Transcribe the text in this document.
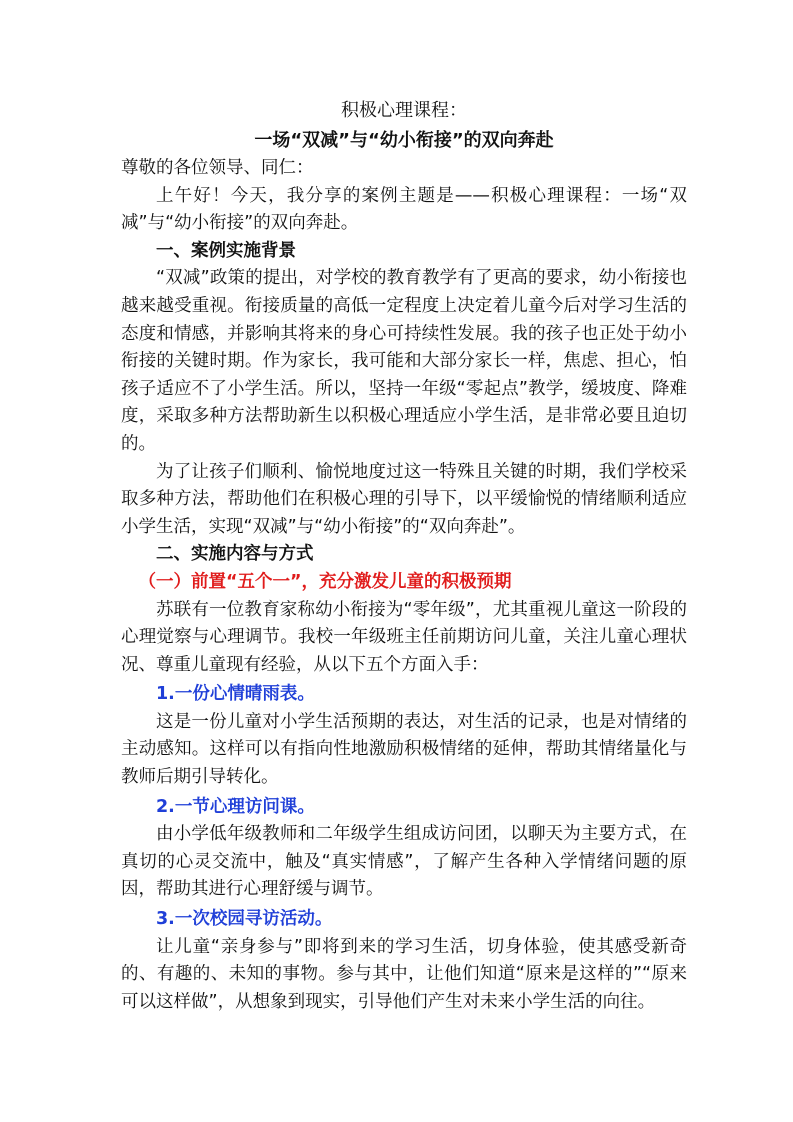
积极心理课程：

一场“双减”与“幼小衔接”的双向奔赴

尊敬的各位领导、同仁：

上午好！今天，我分享的案例主题是——积极心理课程：一场“双减”与“幼小衔接”的双向奔赴。

一、案例实施背景

“双减”政策的提出，对学校的教育教学有了更高的要求，幼小衔接也越来越受重视。衔接质量的高低一定程度上决定着儿童今后对学习生活的态度和情感，并影响其将来的身心可持续性发展。我的孩子也正处于幼小衔接的关键时期。作为家长，我可能和大部分家长一样，焦虑、担心，怕孩子适应不了小学生活。所以，坚持一年级“零起点”教学，缓坡度、降难度，采取多种方法帮助新生以积极心理适应小学生活，是非常必要且迫切的。

为了让孩子们顺利、愉悦地度过这一特殊且关键的时期，我们学校采取多种方法，帮助他们在积极心理的引导下，以平缓愉悦的情绪顺利适应小学生活，实现“双减”与“幼小衔接”的“双向奔赴”。

二、实施内容与方式

（一）前置“五个一”，充分激发儿童的积极预期

苏联有一位教育家称幼小衔接为“零年级”，尤其重视儿童这一阶段的心理觉察与心理调节。我校一年级班主任前期访问儿童，关注儿童心理状况、尊重儿童现有经验，从以下五个方面入手：

1.一份心情晴雨表。

这是一份儿童对小学生活预期的表达，对生活的记录，也是对情绪的主动感知。这样可以有指向性地激励积极情绪的延伸，帮助其情绪量化与教师后期引导转化。

2.一节心理访问课。

由小学低年级教师和二年级学生组成访问团，以聊天为主要方式，在真切的心灵交流中，触及“真实情感”，了解产生各种入学情绪问题的原因，帮助其进行心理舒缓与调节。

3.一次校园寻访活动。

让儿童“亲身参与”即将到来的学习生活，切身体验，使其感受新奇的、有趣的、未知的事物。参与其中，让他们知道“原来是这样的”“原来可以这样做”，从想象到现实，引导他们产生对未来小学生活的向往。
